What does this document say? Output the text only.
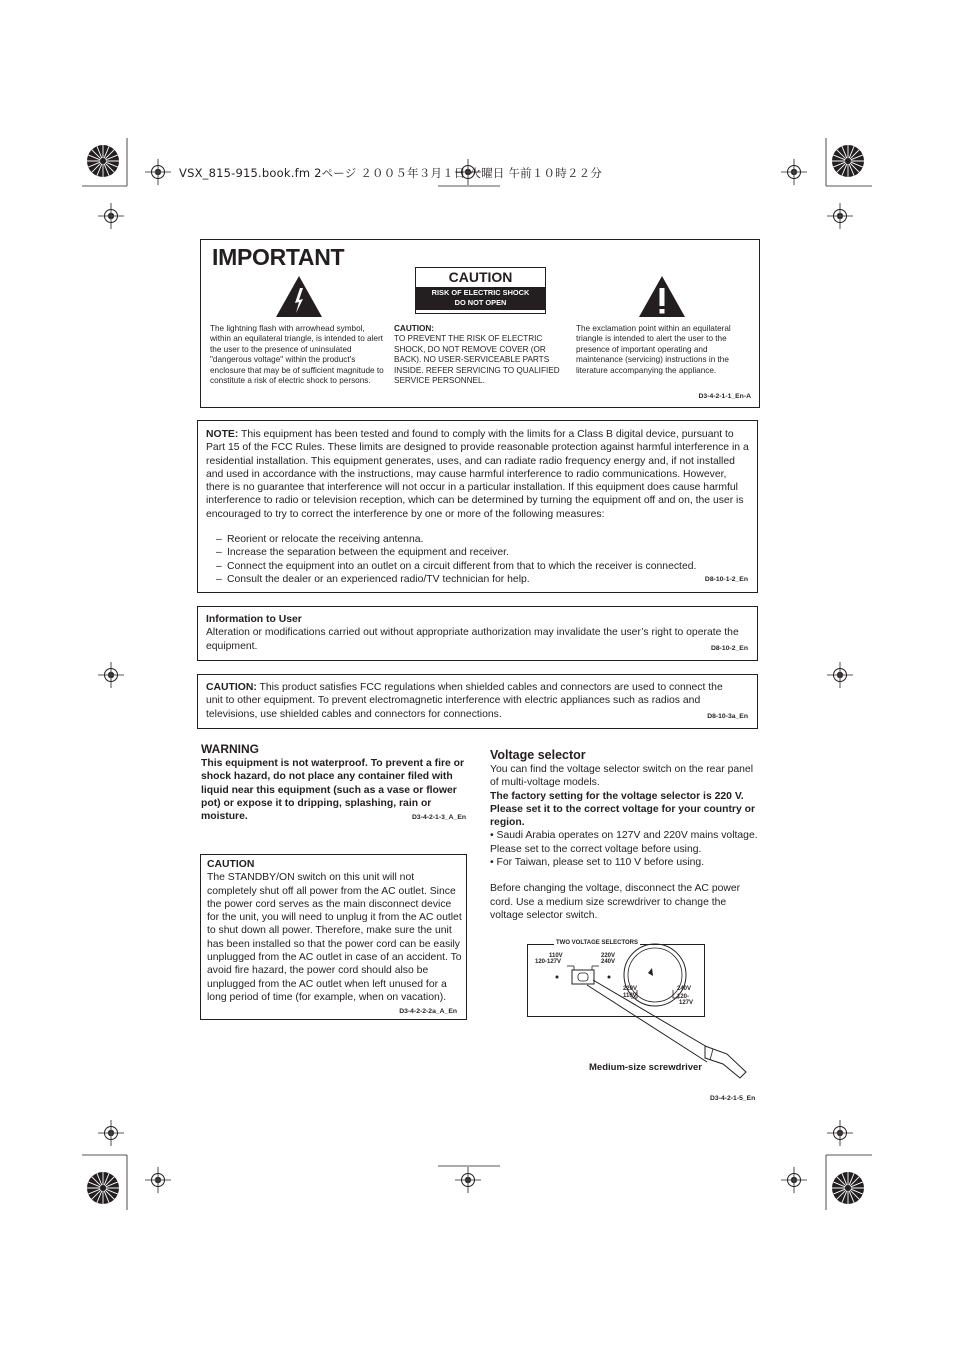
VSX_815-915.book.fm 2ページ ２００５年３月１日 火曜日 午前１０時２２分
IMPORTANT
CAUTION
RISK OF ELECTRIC SHOCK
DO NOT OPEN
The lightning flash with arrowhead symbol, within an equilateral triangle, is intended to alert the user to the presence of uninsulated "dangerous voltage" within the product's enclosure that may be of sufficient magnitude to constitute a risk of electric shock to persons.
CAUTION:
TO PREVENT THE RISK OF ELECTRIC SHOCK, DO NOT REMOVE COVER (OR BACK). NO USER-SERVICEABLE PARTS INSIDE. REFER SERVICING TO QUALIFIED SERVICE PERSONNEL.
The exclamation point within an equilateral triangle is intended to alert the user to the presence of important operating and maintenance (servicing) instructions in the literature accompanying the appliance.
D3-4-2-1-1_En-A
NOTE: This equipment has been tested and found to comply with the limits for a Class B digital device, pursuant to Part 15 of the FCC Rules. These limits are designed to provide reasonable protection against harmful interference in a residential installation. This equipment generates, uses, and can radiate radio frequency energy and, if not installed and used in accordance with the instructions, may cause harmful interference to radio communications. However, there is no guarantee that interference will not occur in a particular installation. If this equipment does cause harmful interference to radio or television reception, which can be determined by turning the equipment off and on, the user is encouraged to try to correct the interference by one or more of the following measures:
– Reorient or relocate the receiving antenna.
– Increase the separation between the equipment and receiver.
– Connect the equipment into an outlet on a circuit different from that to which the receiver is connected.
– Consult the dealer or an experienced radio/TV technician for help.	D8-10-1-2_En
Information to User
Alteration or modifications carried out without appropriate authorization may invalidate the user’s right to operate the equipment.	D8-10-2_En
CAUTION: This product satisfies FCC regulations when shielded cables and connectors are used to connect the unit to other equipment. To prevent electromagnetic interference with electric appliances such as radios and televisions, use shielded cables and connectors for connections.	D8-10-3a_En
WARNING
This equipment is not waterproof. To prevent a fire or shock hazard, do not place any container filed with liquid near this equipment (such as a vase or flower pot) or expose it to dripping, splashing, rain or moisture.	D3-4-2-1-3_A_En
CAUTION
The STANDBY/ON switch on this unit will not completely shut off all power from the AC outlet. Since the power cord serves as the main disconnect device for the unit, you will need to unplug it from the AC outlet to shut down all power. Therefore, make sure the unit has been installed so that the power cord can be easily unplugged from the AC outlet in case of an accident. To avoid fire hazard, the power cord should also be unplugged from the AC outlet when left unused for a long period of time (for example, when on vacation).
D3-4-2-2-2a_A_En
Voltage selector
You can find the voltage selector switch on the rear panel of multi-voltage models.
The factory setting for the voltage selector is 220 V. Please set it to the correct voltage for your country or region.
• Saudi Arabia operates on 127V and 220V mains voltage. Please set to the correct voltage before using.
• For Taiwan, please set to 110 V before using.
Before changing the voltage, disconnect the AC power cord. Use a medium size screwdriver to change the voltage selector switch.
TWO VOLTAGE SELECTORS
110V
120-127V
220V
240V
220V
110V
240V
120-
127V
Medium-size screwdriver
D3-4-2-1-5_En
